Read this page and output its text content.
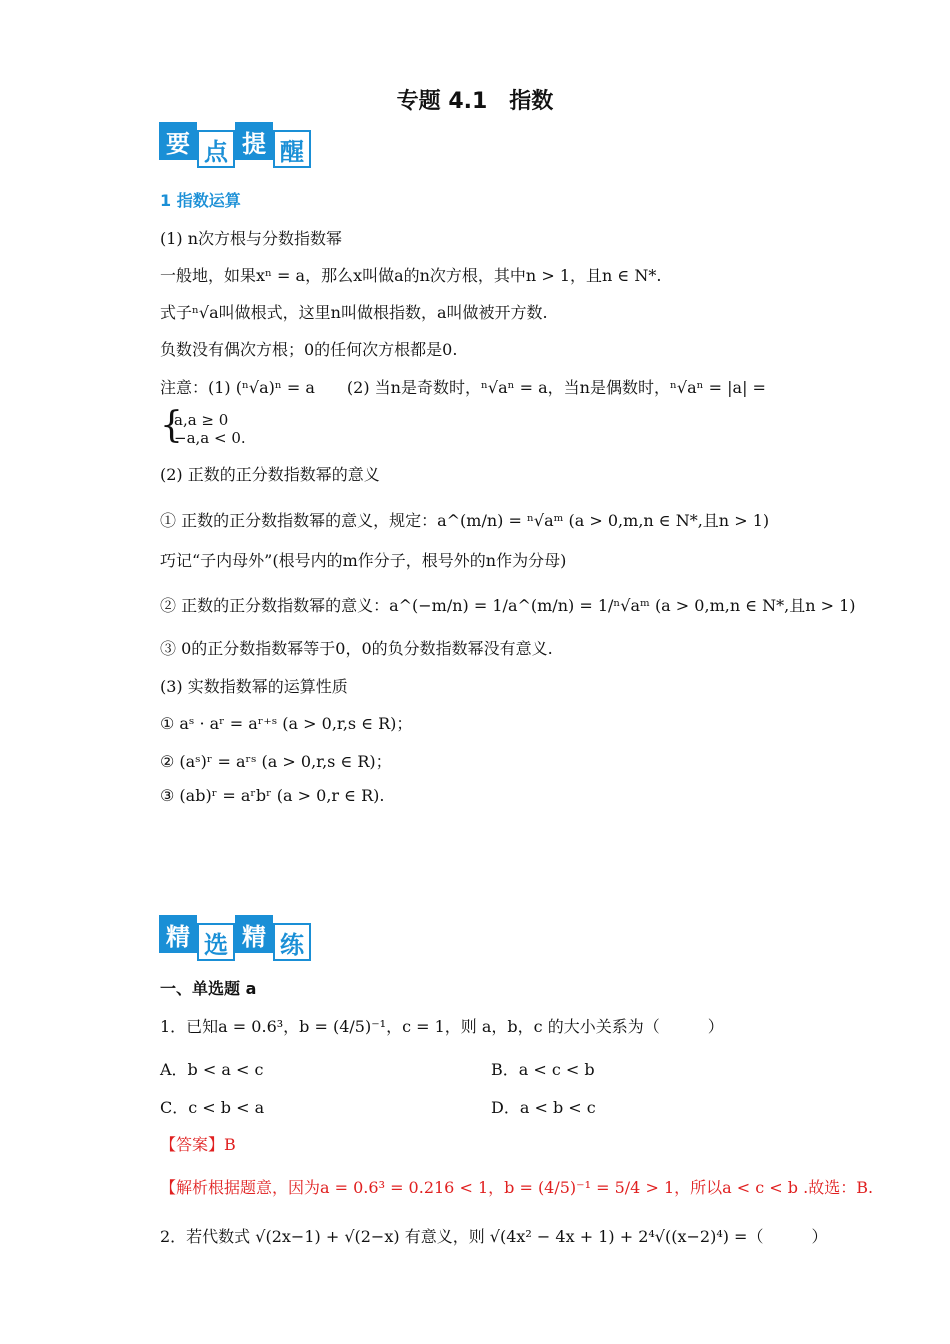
专题 4.1　指数
要 点 提 醒
1 指数运算
(1) n次方根与分数指数幂
一般地，如果xⁿ = a，那么x叫做a的n次方根，其中n > 1，且n ∈ N*.
式子ⁿ√a叫做根式，这里n叫做根指数，a叫做被开方数.
负数没有偶次方根；0的任何次方根都是0.
注意：(1) (ⁿ√a)ⁿ = a　　(2) 当n是奇数时，ⁿ√aⁿ = a，当n是偶数时，ⁿ√aⁿ = |a| =
{
a,a ≥ 0
−a,a < 0.
(2) 正数的正分数指数幂的意义
① 正数的正分数指数幂的意义，规定：a^(m/n) = ⁿ√aᵐ (a > 0,m,n ∈ N*,且n > 1)
巧记“子内母外”(根号内的m作分子，根号外的n作为分母)
② 正数的正分数指数幂的意义：a^(−m/n) = 1/a^(m/n) = 1/ⁿ√aᵐ (a > 0,m,n ∈ N*,且n > 1)
③ 0的正分数指数幂等于0，0的负分数指数幂没有意义.
(3) 实数指数幂的运算性质
① aˢ · aʳ = aʳ⁺ˢ (a > 0,r,s ∈ R)；
② (aˢ)ʳ = aʳˢ (a > 0,r,s ∈ R)；
③ (ab)ʳ = aʳbʳ (a > 0,r ∈ R).
精 选 精 练
一、单选题 a
1．已知a = 0.6³，b = (4/5)⁻¹，c = 1，则 a，b，c 的大小关系为（　　　）
A．b < a < c	B．a < c < b
C．c < b < a	D．a < b < c
【答案】B
【解析根据题意，因为a = 0.6³ = 0.216 < 1，b = (4/5)⁻¹ = 5/4 > 1，所以a < c < b .故选：B.
2．若代数式 √(2x−1) + √(2−x) 有意义，则 √(4x² − 4x + 1) + 2⁴√((x−2)⁴) =（　　　）
